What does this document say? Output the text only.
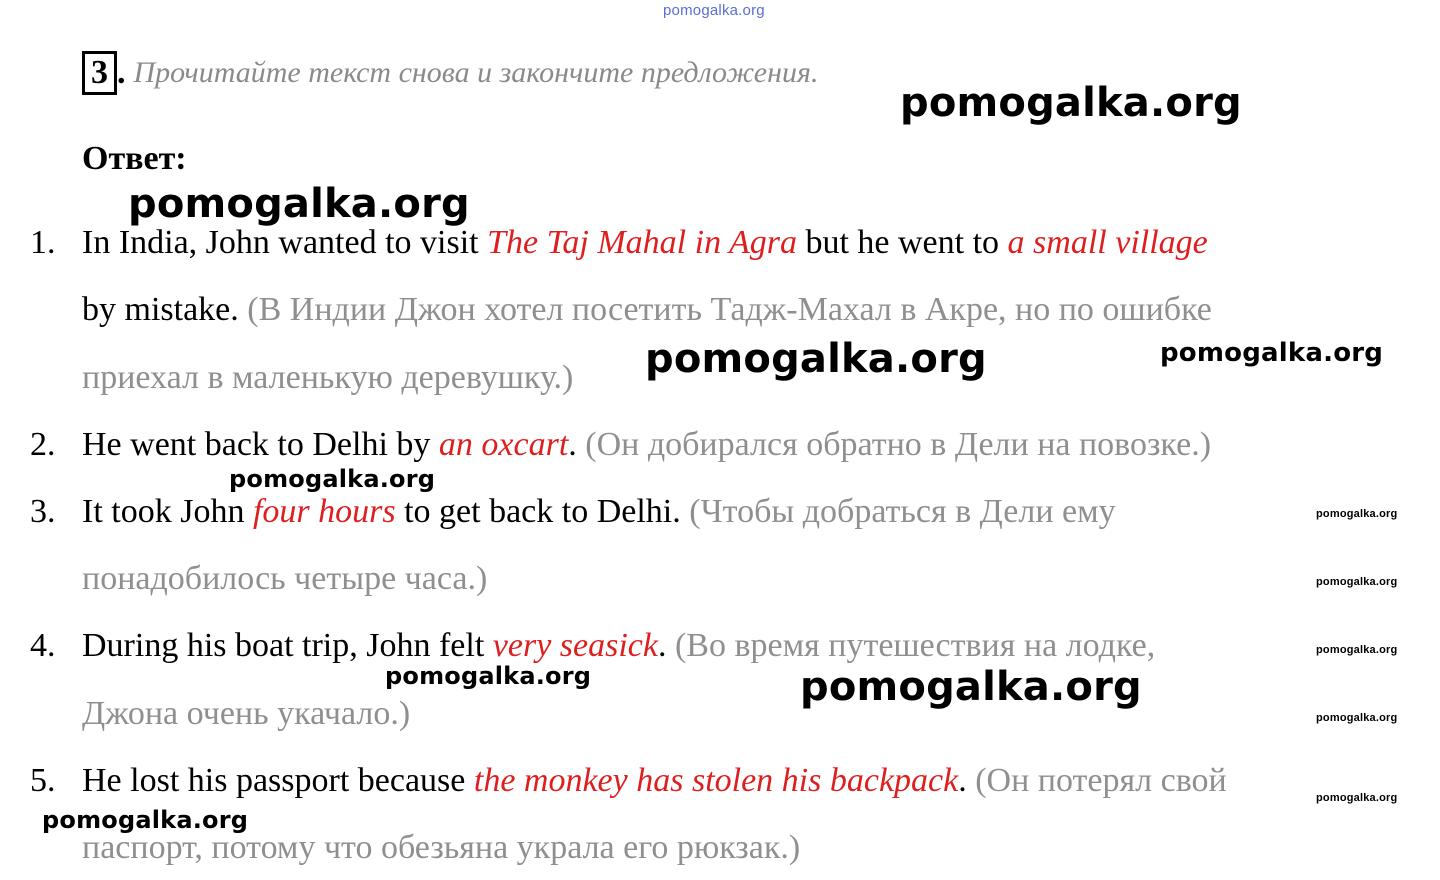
3 . Прочитайте текст снова и закончите предложения.
Ответ:
1. In India, John wanted to visit The Taj Mahal in Agra but he went to a small village
by mistake. (В Индии Джон хотел посетить Тадж-Махал в Акре, но по ошибке
приехал в маленькую деревушку.)
2. He went back to Delhi by an oxcart. (Он добирался обратно в Дели на повозке.)
3. It took John four hours to get back to Delhi. (Чтобы добраться в Дели ему
понадобилось четыре часа.)
4. During his boat trip, John felt very seasick. (Во время путешествия на лодке,
Джона очень укачало.)
5. He lost his passport because the monkey has stolen his backpack. (Он потерял свой
паспорт, потому что обезьяна украла его рюкзак.)
pomogalka.org
pomogalka.org
pomogalka.org
pomogalka.org	pomogalka.org
pomogalka.org
pomogalka.org
pomogalka.org
pomogalka.org
pomogalka.org	pomogalka.org
pomogalka.org
pomogalka.org
pomogalka.org
